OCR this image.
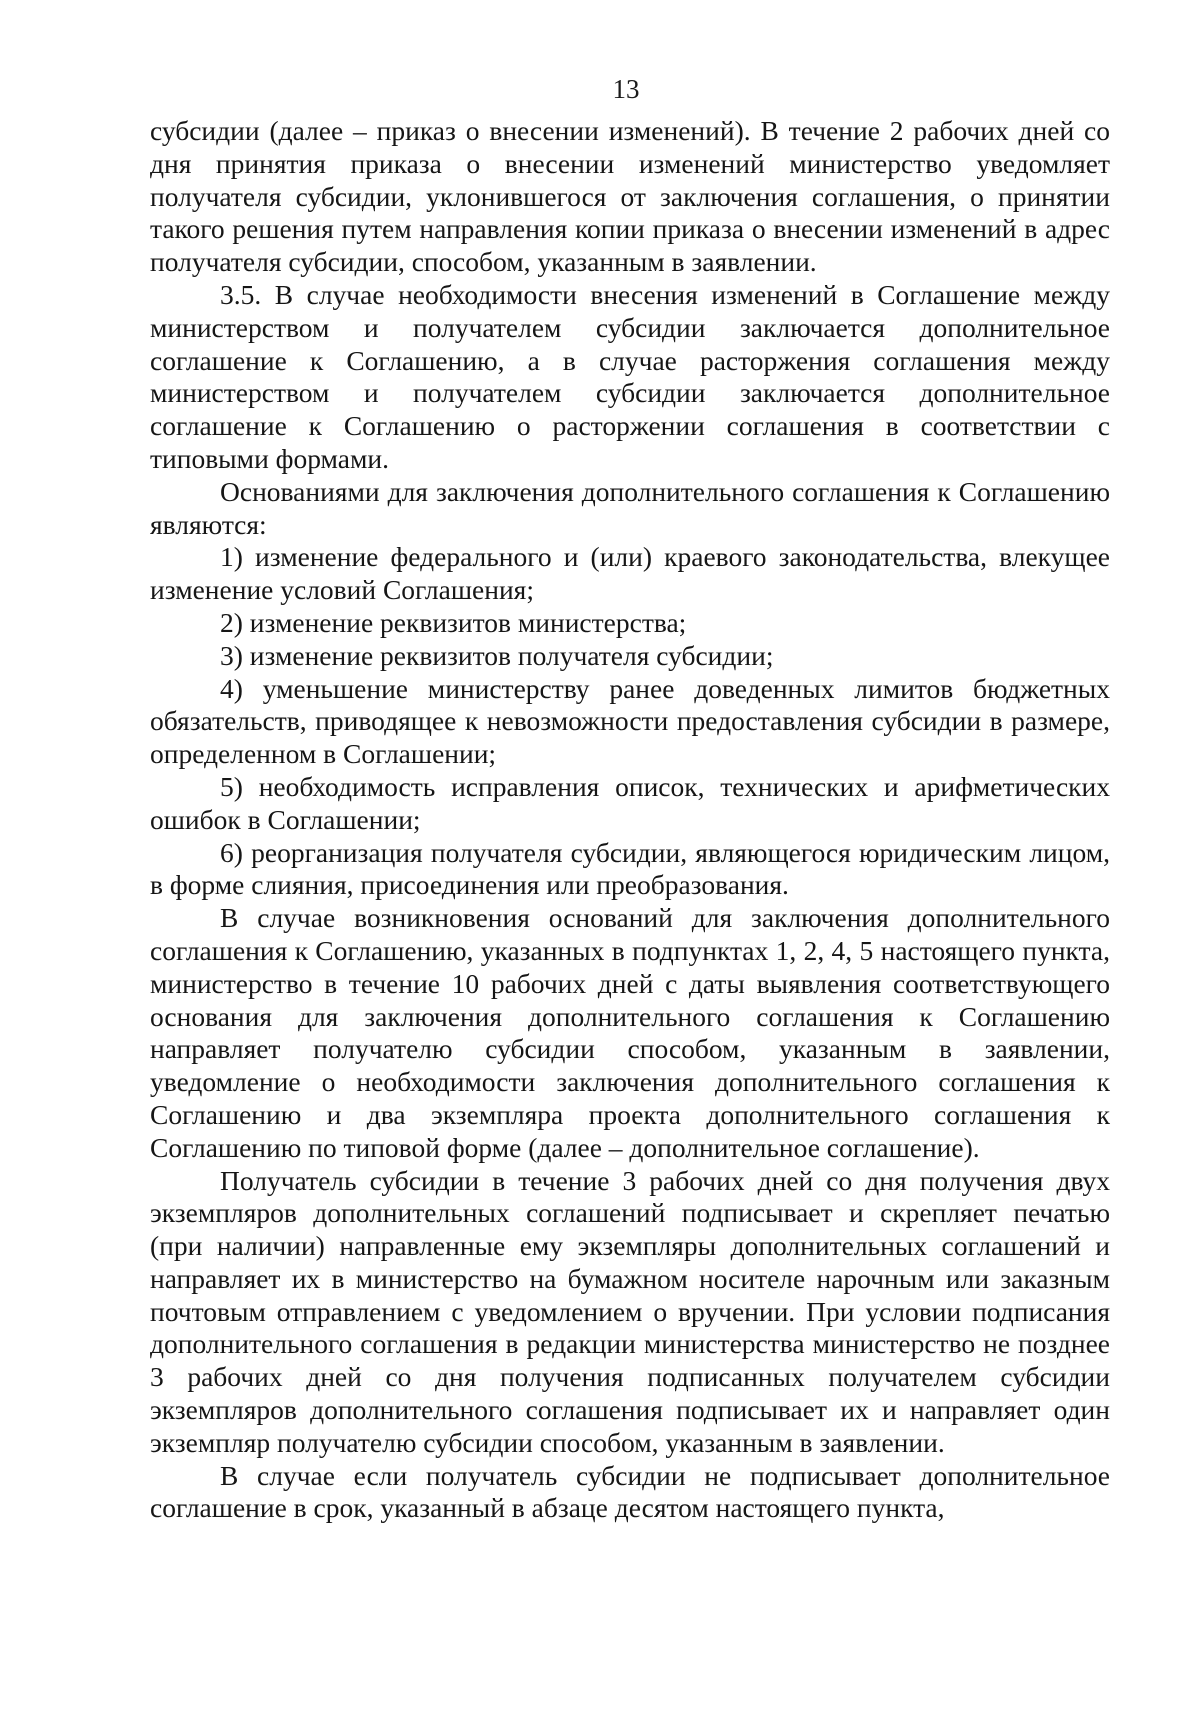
13

субсидии (далее – приказ о внесении изменений). В течение 2 рабочих дней со дня принятия приказа о внесении изменений министерство уведомляет получателя субсидии, уклонившегося от заключения соглашения, о принятии такого решения путем направления копии приказа о внесении изменений в адрес получателя субсидии, способом, указанным в заявлении.

3.5. В случае необходимости внесения изменений в Соглашение между министерством и получателем субсидии заключается дополнительное соглашение к Соглашению, а в случае расторжения соглашения между министерством и получателем субсидии заключается дополнительное соглашение к Соглашению о расторжении соглашения в соответствии с типовыми формами.

Основаниями для заключения дополнительного соглашения к Соглашению являются:

1) изменение федерального и (или) краевого законодательства, влекущее изменение условий Соглашения;

2) изменение реквизитов министерства;

3) изменение реквизитов получателя субсидии;

4) уменьшение министерству ранее доведенных лимитов бюджетных обязательств, приводящее к невозможности предоставления субсидии в размере, определенном в Соглашении;

5) необходимость исправления описок, технических и арифметических ошибок в Соглашении;

6) реорганизация получателя субсидии, являющегося юридическим лицом, в форме слияния, присоединения или преобразования.

В случае возникновения оснований для заключения дополнительного соглашения к Соглашению, указанных в подпунктах 1, 2, 4, 5 настоящего пункта, министерство в течение 10 рабочих дней с даты выявления соответствующего основания для заключения дополнительного соглашения к Соглашению направляет получателю субсидии способом, указанным в заявлении, уведомление о необходимости заключения дополнительного соглашения к Соглашению и два экземпляра проекта дополнительного соглашения к Соглашению по типовой форме (далее – дополнительное соглашение).

Получатель субсидии в течение 3 рабочих дней со дня получения двух экземпляров дополнительных соглашений подписывает и скрепляет печатью (при наличии) направленные ему экземпляры дополнительных соглашений и направляет их в министерство на бумажном носителе нарочным или заказным почтовым отправлением с уведомлением о вручении. При условии подписания дополнительного соглашения в редакции министерства министерство не позднее 3 рабочих дней со дня получения подписанных получателем субсидии экземпляров дополнительного соглашения подписывает их и направляет один экземпляр получателю субсидии способом, указанным в заявлении.

В случае если получатель субсидии не подписывает дополнительное соглашение в срок, указанный в абзаце десятом настоящего пункта,
